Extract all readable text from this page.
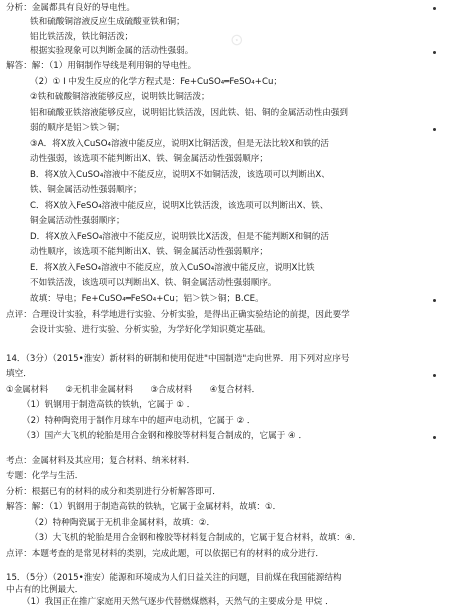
⊙
分析：金属都具有良好的导电性。
铁和硫酸铜溶液反应生成硫酸亚铁和铜；
铝比铁活泼，铁比铜活泼；
根据实验现象可以判断金属的活动性强弱。
解答：解：（1）用铜制作导线是利用铜的导电性。
（2）① I 中发生反应的化学方程式是：Fe+CuSO₄═FeSO₄+Cu；
②铁和硫酸铜溶液能够反应，说明铁比铜活泼；
铝和硫酸亚铁溶液能够反应，说明铝比铁活泼，因此铁、铝、铜的金属活动性由强到
弱的顺序是铝＞铁＞铜；
③A．将X放入CuSO₄溶液中能反应，说明X比铜活泼，但是无法比较X和铁的活
动性强弱，该选项不能判断出X、铁、铜金属活动性强弱顺序；
B．将X放入CuSO₄溶液中不能反应，说明X不如铜活泼，该选项可以判断出X、
铁、铜金属活动性强弱顺序；
C．将X放入FeSO₄溶液中能反应，说明X比铁活泼，该选项可以判断出X、铁、
铜金属活动性强弱顺序；
D．将X放入FeSO₄溶液中不能反应，说明铁比X活泼，但是不能判断X和铜的活
动性顺序，该选项不能判断出X、铁、铜金属活动性强弱顺序；
E．将X放入FeSO₄溶液中不能反应，放入CuSO₄溶液中能反应，说明X比铁
不如铁活泼，该选项可以判断出X、铁、铜金属活动性强弱顺序。
故填：导电；Fe+CuSO₄═FeSO₄+Cu；铝＞铁＞铜；B.CE。
点评：合理设计实验，科学地进行实验、分析实验，是得出正确实验结论的前提，因此要学
会设计实验、进行实验、分析实验，为学好化学知识奠定基础。
14．（3分）（2015•淮安）新材料的研制和使用促进"中国制造"走向世界．用下列对应序号
填空．
①金属材料　　②无机非金属材料　　③合成材料　　④复合材料．
（1）钒钢用于制造高铁的铁轨，它属于 ① ．
（2）特种陶瓷用于制作月球车中的超声电动机，它属于 ② ．
（3）国产大飞机的轮胎是用合金钢和橡胶等材料复合制成的，它属于 ④ ．
考点：金属材料及其应用；复合材料、纳米材料．
专题：化学与生活．
分析：根据已有的材料的成分和类别进行分析解答即可．
解答：解：（1）钒钢用于制造高铁的铁轨，它属于金属材料，故填：①．
（2）特种陶瓷属于无机非金属材料，故填：②．
（3）大飞机的轮胎是用合金钢和橡胶等材料复合制成的，它属于复合材料，故填：④．
点评：本题考查的是常见材料的类别，完成此题，可以依据已有的材料的成分进行．
15．（5分）（2015•淮安）能源和环境成为人们日益关注的问题，目前煤在我国能源结构
中占有的比例最大．
（1）我国正在推广家庭用天然气逐步代替燃煤燃料，天然气的主要成分是 甲烷 ．
